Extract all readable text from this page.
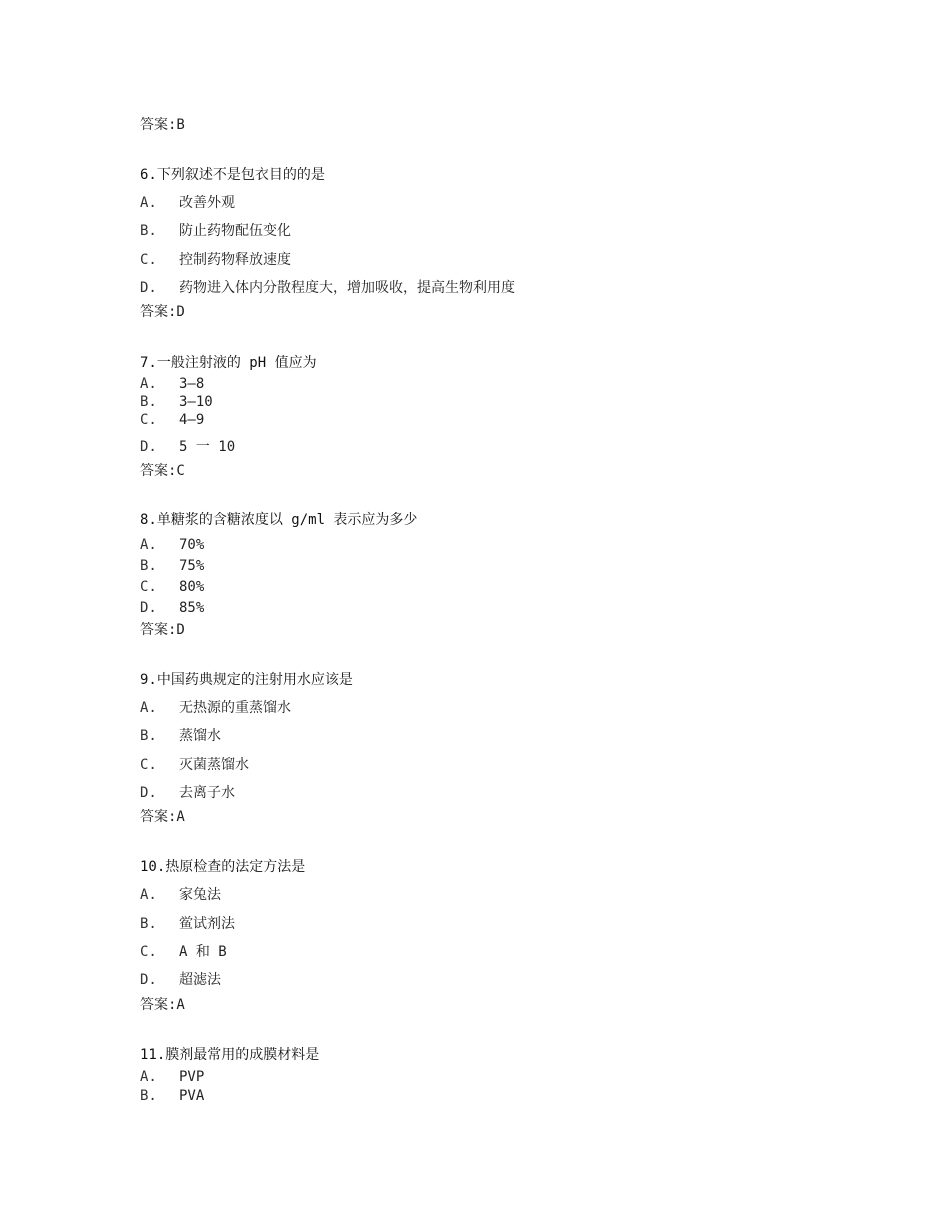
答案:B
6.下列叙述不是包衣目的的是
A. 改善外观
B. 防止药物配伍变化
C. 控制药物释放速度
D. 药物进入体内分散程度大，增加吸收，提高生物利用度
答案:D
7.一般注射液的 pH 值应为
A. 3—8
B. 3—10
C. 4—9
D. 5 一 10
答案:C
8.单糖浆的含糖浓度以 g/ml 表示应为多少
A. 70%
B. 75%
C. 80%
D. 85%
答案:D
9.中国药典规定的注射用水应该是
A. 无热源的重蒸馏水
B. 蒸馏水
C. 灭菌蒸馏水
D. 去离子水
答案:A
10.热原检查的法定方法是
A. 家兔法
B. 鲎试剂法
C. A 和 B
D. 超滤法
答案:A
11.膜剂最常用的成膜材料是
A. PVP
B. PVA
